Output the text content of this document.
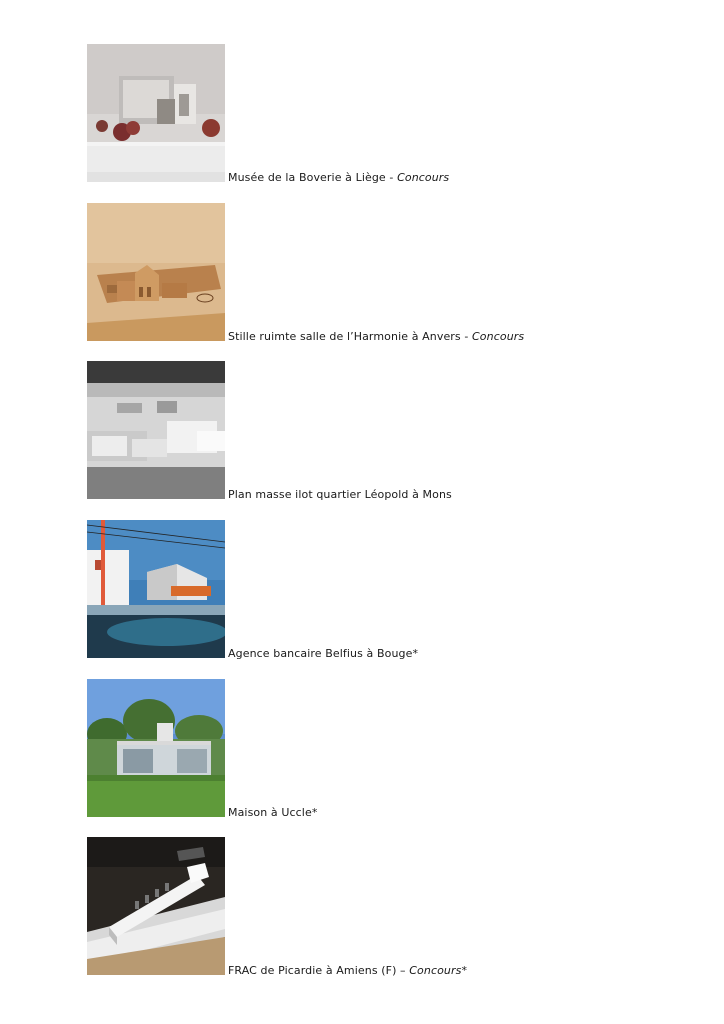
Musée de la Boverie à Liège - Concours
Stille ruimte salle de l’Harmonie à Anvers - Concours
Plan masse ilot quartier Léopold à Mons
Agence bancaire Belfius à Bouge*
Maison à Uccle*
FRAC de Picardie à Amiens (F) – Concours*
